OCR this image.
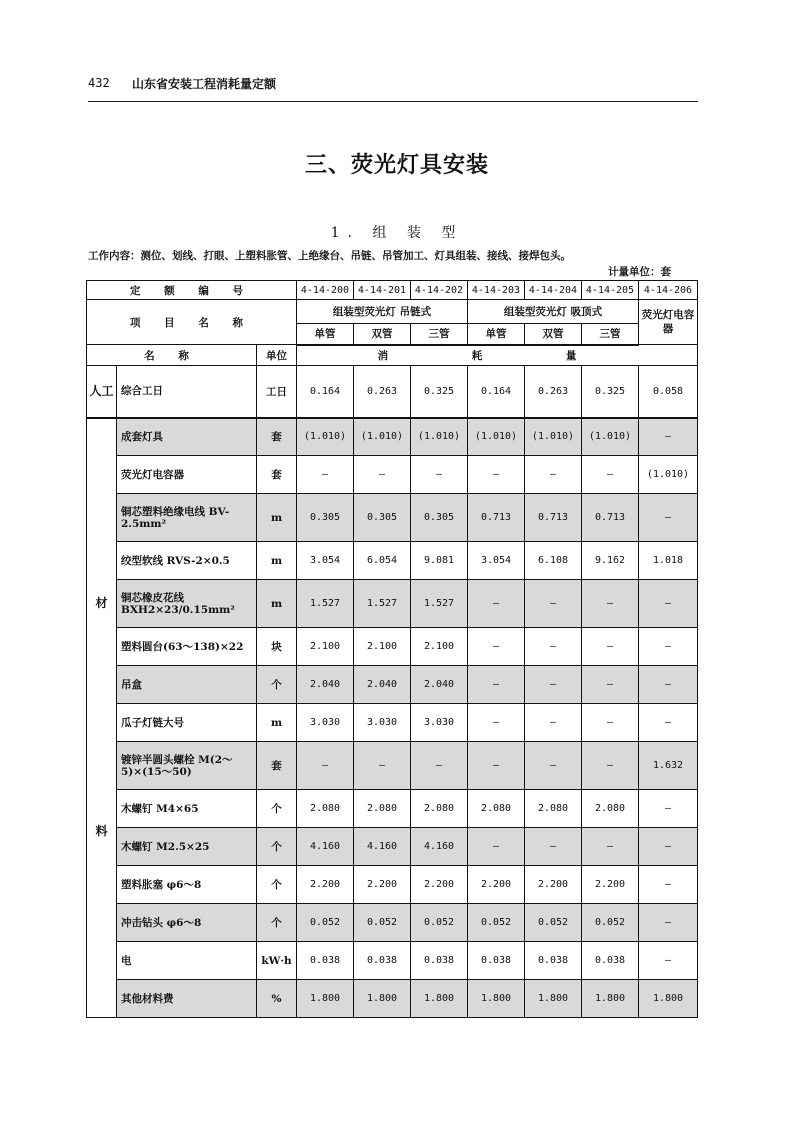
432 山东省安装工程消耗量定额
三、荧光灯具安装
1. 组 装 型
工作内容：测位、划线、打眼、上塑料胀管、上绝缘台、吊链、吊管加工、灯具组装、接线、接焊包头。
计量单位：套
定 额 编 号			4-14-200	4-14-201	4-14-202	4-14-203	4-14-204	4-14-205	4-14-206
项 目 名 称			组装型荧光灯 吊链式			组装型荧光灯 吸顶式			荧光灯电容器
			单管	双管	三管	单管	双管	三管	
名 称		单位	消 耗 量						
人工	综合工日	工日	0.164	0.263	0.325	0.164	0.263	0.325	0.058

材
料	成套灯具	套	(1.010)	(1.010)	(1.010)	(1.010)	(1.010)	(1.010)	—
	荧光灯电容器	套	—	—	—	—	—	—	(1.010)
	铜芯塑料绝缘电线 BV-2.5mm²	m	0.305	0.305	0.305	0.713	0.713	0.713	—
	绞型软线 RVS-2×0.5	m	3.054	6.054	9.081	3.054	6.108	9.162	1.018
	铜芯橡皮花线 BXH2×23/0.15mm²	m	1.527	1.527	1.527	—	—	—	—
	塑料圆台(63～138)×22	块	2.100	2.100	2.100	—	—	—	—
	吊盒	个	2.040	2.040	2.040	—	—	—	—
	瓜子灯链大号	m	3.030	3.030	3.030	—	—	—	—
	镀锌半圆头螺栓 M(2～5)×(15～50)	套	—	—	—	—	—	—	1.632
	木螺钉 M4×65	个	2.080	2.080	2.080	2.080	2.080	2.080	—
	木螺钉 M2.5×25	个	4.160	4.160	4.160	—	—	—	—
	塑料胀塞 φ6～8	个	2.200	2.200	2.200	2.200	2.200	2.200	—
	冲击钻头 φ6～8	个	0.052	0.052	0.052	0.052	0.052	0.052	—
	电	kW·h	0.038	0.038	0.038	0.038	0.038	0.038	—
	其他材料费	%	1.800	1.800	1.800	1.800	1.800	1.800	1.800
